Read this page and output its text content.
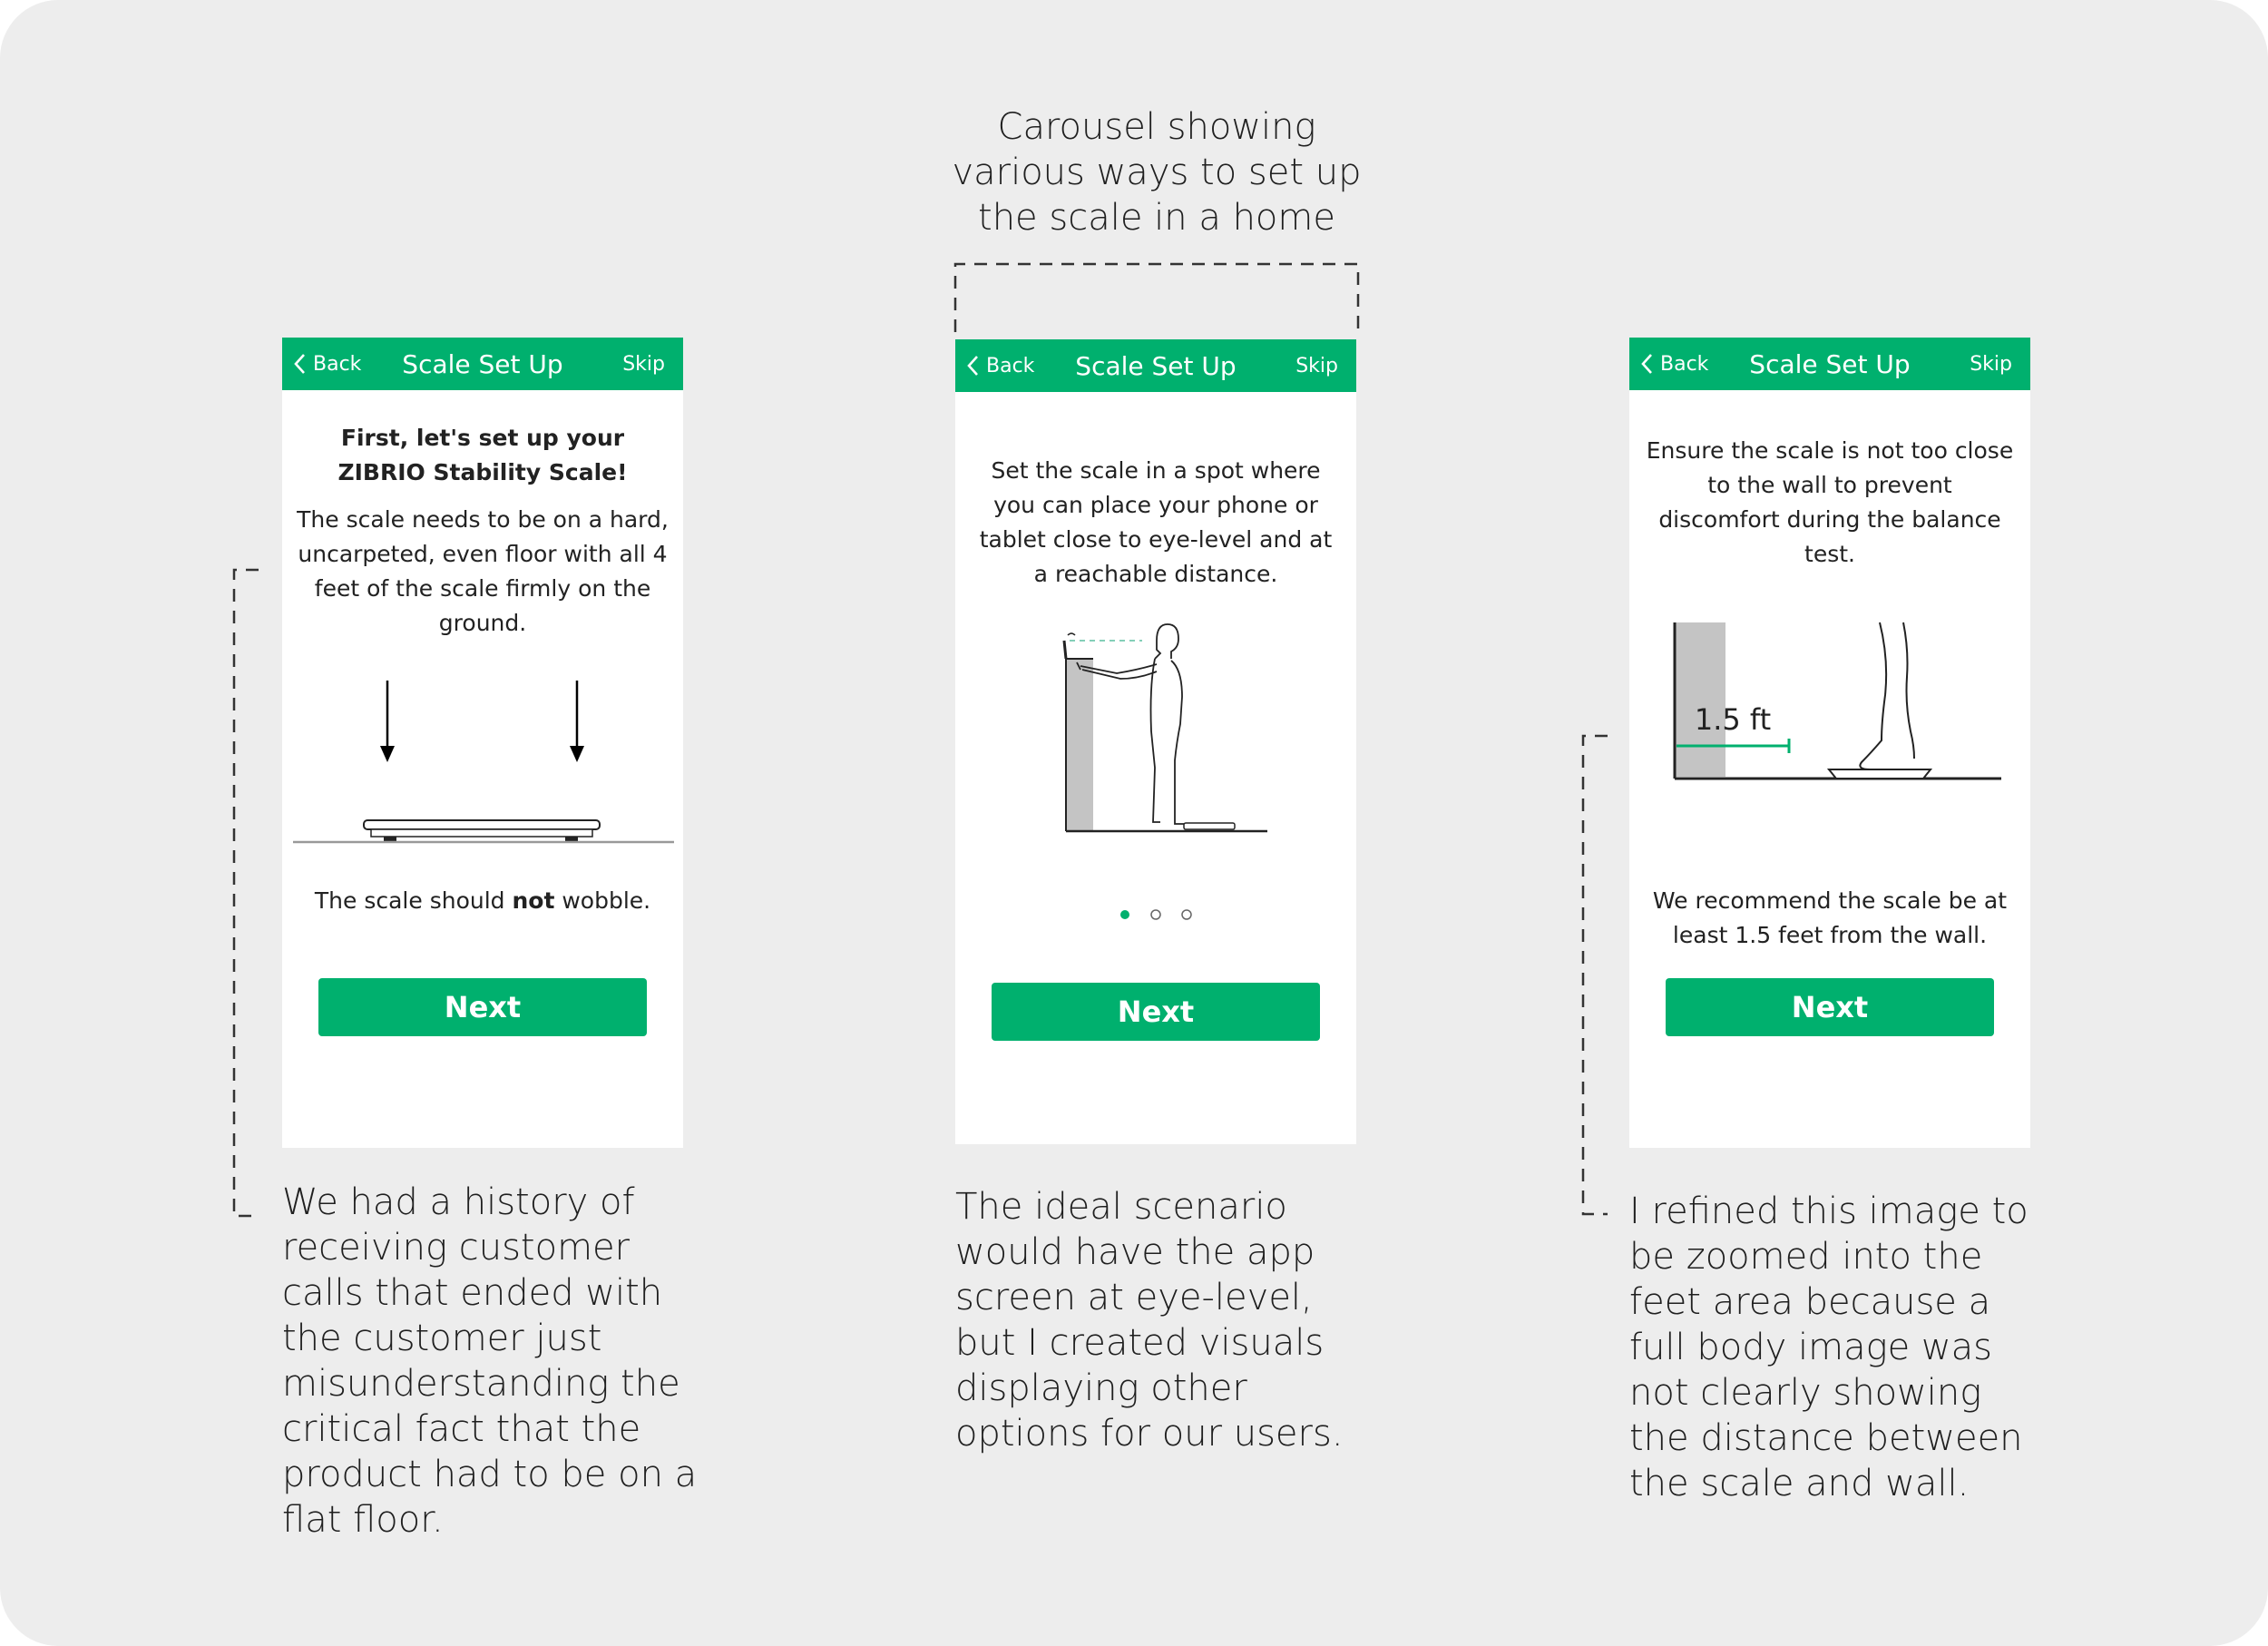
Carousel showing various ways to set up the scale in a home
Back	Scale Set Up	Skip
First, let's set up your ZIBRIO Stability Scale!
The scale needs to be on a hard, uncarpeted, even floor with all 4 feet of the scale firmly on the ground.
The scale should not wobble.
Next
Back	Scale Set Up	Skip
Set the scale in a spot where you can place your phone or tablet close to eye-level and at a reachable distance.
Next
Back	Scale Set Up	Skip
Ensure the scale is not too close to the wall to prevent discomfort during the balance test.
1.5 ft
We recommend the scale be at least 1.5 feet from the wall.
Next
We had a history of receiving customer calls that ended with the customer just misunderstanding the critical fact that the product had to be on a flat floor.
The ideal scenario would have the app screen at eye-level, but I created visuals displaying other options for our users.
I refined this image to be zoomed into the feet area because a full body image was not clearly showing the distance between the scale and wall.
